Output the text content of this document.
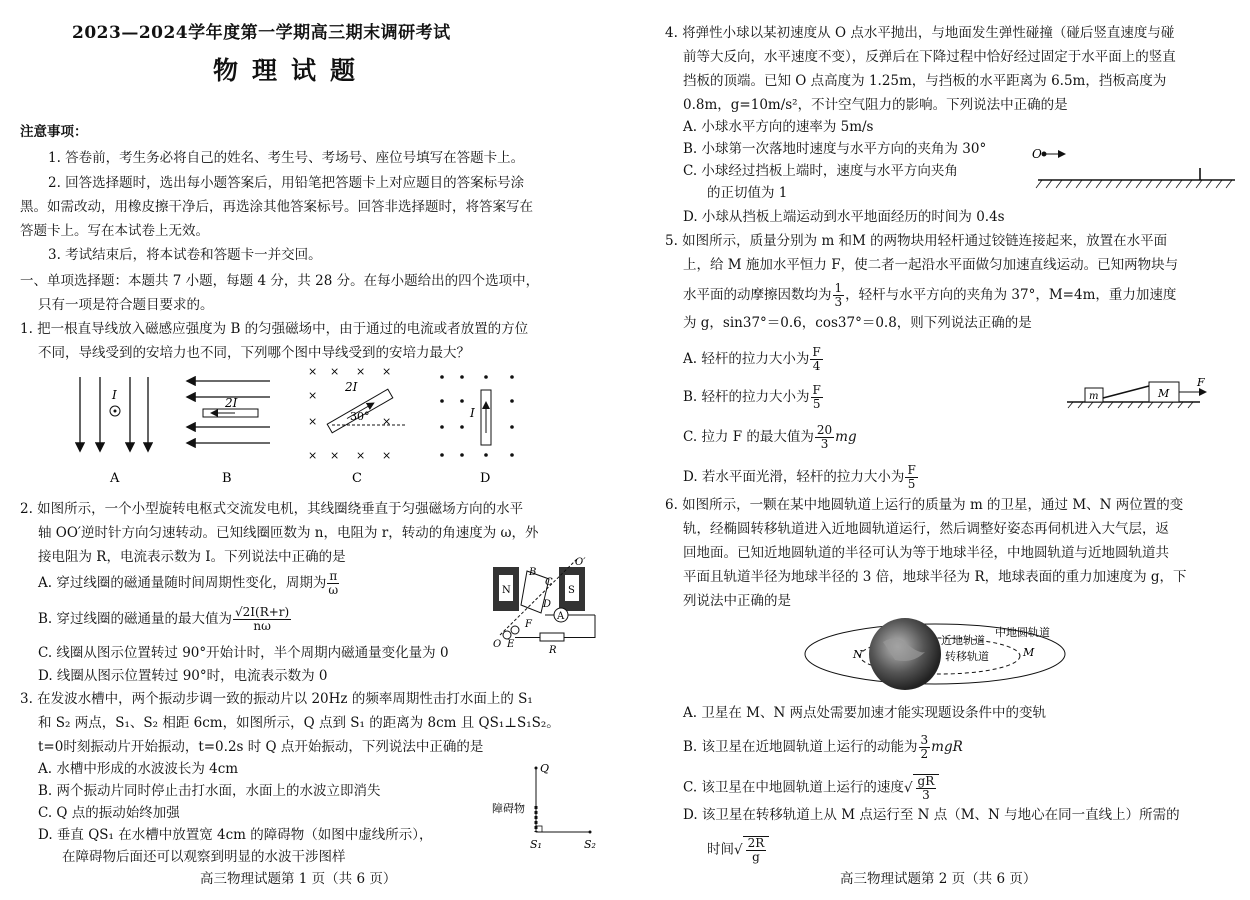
2023—2024学年度第一学期高三期末调研考试
物理试题
注意事项：
1. 答卷前，考生务必将自己的姓名、考生号、考场号、座位号填写在答题卡上。
2. 回答选择题时，选出每小题答案后，用铅笔把答题卡上对应题目的答案标号涂
黑。如需改动，用橡皮擦干净后，再选涂其他答案标号。回答非选择题时，将答案写在
答题卡上。写在本试卷上无效。
3. 考试结束后，将本试卷和答题卡一并交回。
一、单项选择题：本题共 7 小题，每题 4 分，共 28 分。在每小题给出的四个选项中，
只有一项是符合题目要求的。
1. 把一根直导线放入磁感应强度为 B 的匀强磁场中，由于通过的电流或者放置的方位
不同，导线受到的安培力也不同，下列哪个图中导线受到的安培力最大？
I
A
2I
B
× × × ×
×
×	×
× × × ×
2I
30°
C
I
D
2. 如图所示，一个小型旋转电枢式交流发电机，其线圈绕垂直于匀强磁场方向的水平
轴 OO′逆时针方向匀速转动。已知线圈匝数为 n，电阻为 r，转动的角速度为 ω，外
接电阻为 R，电流表示数为 I。下列说法中正确的是
A. 穿过线圈的磁通量随时间周期性变化，周期为 $\frac{\pi}{\omega}$
B. 穿过线圈的磁通量的最大值为 $\frac{√2I(R+r)}{n\omega}$
C. 线圈从图示位置转过 90°开始计时，半个周期内磁通量变化量为 0
D. 线圈从图示位置转过 90°时，电流表示数为 0
N	S
A
R
B
C
D
O′
O E
F
3. 在发波水槽中，两个振动步调一致的振动片以 20Hz 的频率周期性击打水面上的 S₁
和 S₂ 两点，S₁、S₂ 相距 6cm，如图所示，Q 点到 S₁ 的距离为 8cm 且 QS₁⊥S₁S₂。
t=0时刻振动片开始振动，t=0.2s 时 Q 点开始振动，下列说法中正确的是
A. 水槽中形成的水波波长为 4cm
B. 两个振动片同时停止击打水面，水面上的水波立即消失
C. Q 点的振动始终加强
D. 垂直 QS₁ 在水槽中放置宽 4cm 的障碍物（如图中虚线所示），
在障碍物后面还可以观察到明显的水波干涉图样
Q
障碍物
S₁	S₂
高三物理试题第 1 页（共 6 页）
4. 将弹性小球以某初速度从 O 点水平抛出，与地面发生弹性碰撞（碰后竖直速度与碰
前等大反向，水平速度不变），反弹后在下降过程中恰好经过固定于水平面上的竖直
挡板的顶端。已知 O 点高度为 1.25m，与挡板的水平距离为 6.5m，挡板高度为
0.8m，g=10m/s²，不计空气阻力的影响。下列说法中正确的是
A. 小球水平方向的速率为 5m/s
B. 小球第一次落地时速度与水平方向的夹角为 30°
C. 小球经过挡板上端时，速度与水平方向夹角
的正切值为 1
D. 小球从挡板上端运动到水平地面经历的时间为 0.4s
O
5. 如图所示，质量分别为 m 和M 的两物块用轻杆通过铰链连接起来，放置在水平面
上，给 M 施加水平恒力 F，使二者一起沿水平面做匀加速直线运动。已知两物块与
水平面的动摩擦因数均为 $\frac{1}{3}$ ，轻杆与水平方向的夹角为 37°，M=4m，重力加速度
为 g，sin37°＝0.6，cos37°＝0.8，则下列说法正确的是
A. 轻杆的拉力大小为 $\frac{F}{4}$
B. 轻杆的拉力大小为 $\frac{F}{5}$
C. 拉力 F 的最大值为 $\frac{20}{3}$ mg
D. 若水平面光滑，轻杆的拉力大小为 $\frac{F}{5}$
m	M
F
6. 如图所示，一颗在某中地圆轨道上运行的质量为 m 的卫星，通过 M、N 两位置的变
轨，经椭圆转移轨道进入近地圆轨道运行，然后调整好姿态再伺机进入大气层，返
回地面。已知近地圆轨道的半径可认为等于地球半径，中地圆轨道与近地圆轨道共
平面且轨道半径为地球半径的 3 倍，地球半径为 R，地球表面的重力加速度为 g，下
列说法中正确的是
中地圆轨道
近地轨道
转移轨道
N	M
A. 卫星在 M、N 两点处需要加速才能实现题设条件中的变轨
B. 该卫星在近地圆轨道上运行的动能为 $\frac{3}{2}$ mgR
C. 该卫星在中地圆轨道上运行的速度√ $\frac{gR}{3}$
D. 该卫星在转移轨道上从 M 点运行至 N 点（M、N 与地心在同一直线上）所需的
时间√ $\frac{2R}{g}$
高三物理试题第 2 页（共 6 页）
